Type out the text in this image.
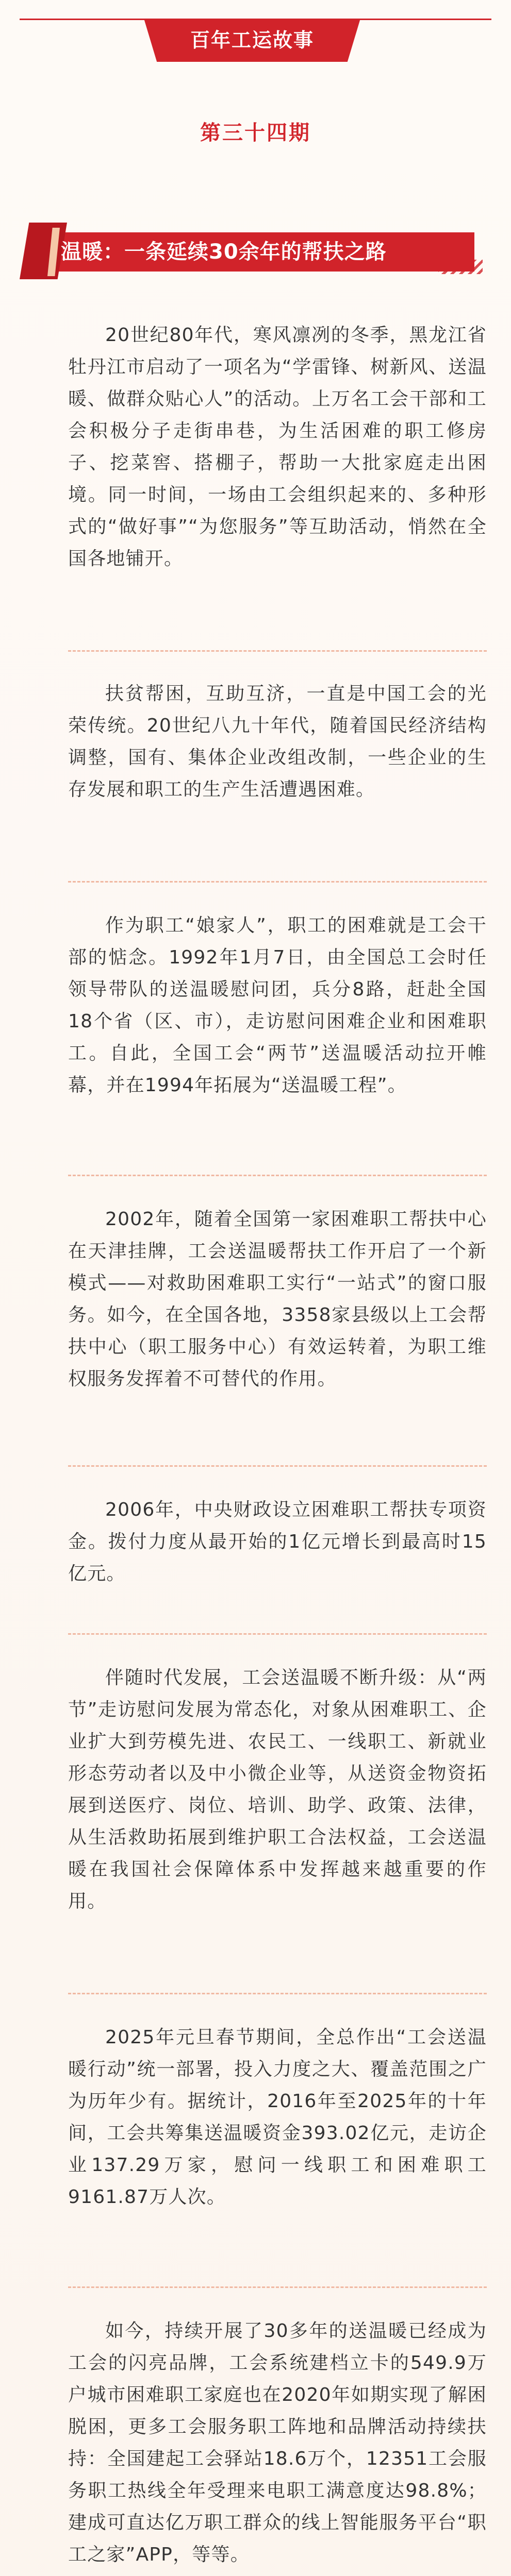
百年工运故事
第三十四期
温暖：一条延续30余年的帮扶之路

20世纪80年代，寒风凛冽的冬季，黑龙江省牡丹江市启动了一项名为“学雷锋、树新风、送温暖、做群众贴心人”的活动。上万名工会干部和工会积极分子走街串巷，为生活困难的职工修房子、挖菜窖、搭棚子，帮助一大批家庭走出困境。同一时间，一场由工会组织起来的、多种形式的“做好事”“为您服务”等互助活动，悄然在全国各地铺开。

扶贫帮困，互助互济，一直是中国工会的光荣传统。20世纪八九十年代，随着国民经济结构调整，国有、集体企业改组改制，一些企业的生存发展和职工的生产生活遭遇困难。

作为职工“娘家人”，职工的困难就是工会干部的惦念。1992年1月7日，由全国总工会时任领导带队的送温暖慰问团，兵分8路，赶赴全国18个省（区、市），走访慰问困难企业和困难职工。自此，全国工会“两节”送温暖活动拉开帷幕，并在1994年拓展为“送温暖工程”。

2002年，随着全国第一家困难职工帮扶中心在天津挂牌，工会送温暖帮扶工作开启了一个新模式——对救助困难职工实行“一站式”的窗口服务。如今，在全国各地，3358家县级以上工会帮扶中心（职工服务中心）有效运转着，为职工维权服务发挥着不可替代的作用。

2006年，中央财政设立困难职工帮扶专项资金。拨付力度从最开始的1亿元增长到最高时15亿元。

伴随时代发展，工会送温暖不断升级：从“两节”走访慰问发展为常态化，对象从困难职工、企业扩大到劳模先进、农民工、一线职工、新就业形态劳动者以及中小微企业等，从送资金物资拓展到送医疗、岗位、培训、助学、政策、法律，从生活救助拓展到维护职工合法权益，工会送温暖在我国社会保障体系中发挥越来越重要的作用。

2025年元旦春节期间，全总作出“工会送温暖行动”统一部署，投入力度之大、覆盖范围之广为历年少有。据统计，2016年至2025年的十年间，工会共筹集送温暖资金393.02亿元，走访企业137.29万家，慰问一线职工和困难职工9161.87万人次。

如今，持续开展了30多年的送温暖已经成为工会的闪亮品牌，工会系统建档立卡的549.9万户城市困难职工家庭也在2020年如期实现了解困脱困，更多工会服务职工阵地和品牌活动持续扶持：全国建起工会驿站18.6万个，12351工会服务职工热线全年受理来电职工满意度达98.8%；建成可直达亿万职工群众的线上智能服务平台“职工之家”APP，等等。
